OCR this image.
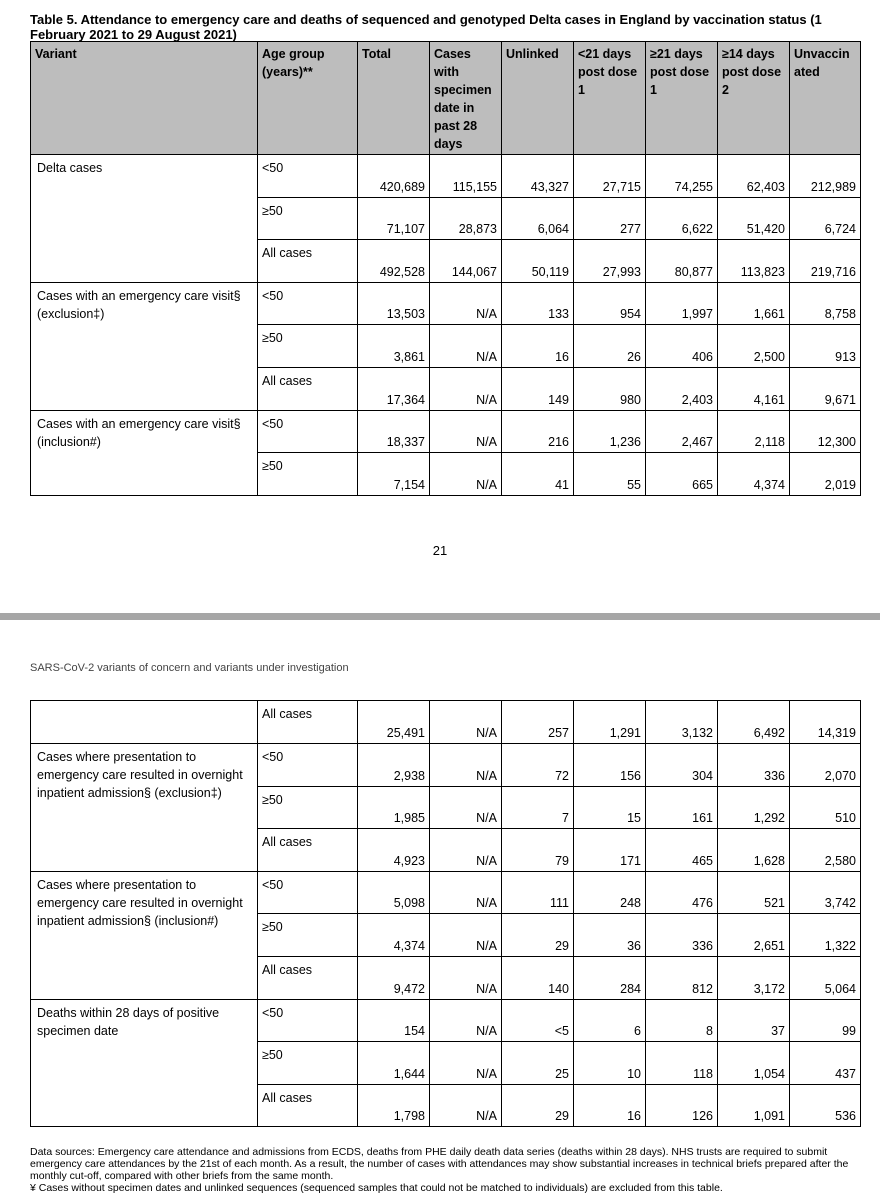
Table 5. Attendance to emergency care and deaths of sequenced and genotyped Delta cases in England by vaccination status (1 February 2021 to 29 August 2021)
Variant	Age group (years)**	Total	Cases with specimen date in past 28 days	Unlinked	<21 days post dose 1	≥21 days post dose 1	≥14 days post dose 2	Unvaccin ated
Delta cases	<50	420,689	115,155	43,327	27,715	74,255	62,403	212,989
	≥50	71,107	28,873	6,064	277	6,622	51,420	6,724
	All cases	492,528	144,067	50,119	27,993	80,877	113,823	219,716
Cases with an emergency care visit§ (exclusion‡)	<50	13,503	N/A	133	954	1,997	1,661	8,758
	≥50	3,861	N/A	16	26	406	2,500	913
	All cases	17,364	N/A	149	980	2,403	4,161	9,671
Cases with an emergency care visit§ (inclusion#)	<50	18,337	N/A	216	1,236	2,467	2,118	12,300
	≥50	7,154	N/A	41	55	665	4,374	2,019
21
SARS-CoV-2 variants of concern and variants under investigation
	All cases	25,491	N/A	257	1,291	3,132	6,492	14,319
Cases where presentation to emergency care resulted in overnight inpatient admission§ (exclusion‡)	<50	2,938	N/A	72	156	304	336	2,070
	≥50	1,985	N/A	7	15	161	1,292	510
	All cases	4,923	N/A	79	171	465	1,628	2,580
Cases where presentation to emergency care resulted in overnight inpatient admission§ (inclusion#)	<50	5,098	N/A	111	248	476	521	3,742
	≥50	4,374	N/A	29	36	336	2,651	1,322
	All cases	9,472	N/A	140	284	812	3,172	5,064
Deaths within 28 days of positive specimen date	<50	154	N/A	<5	6	8	37	99
	≥50	1,644	N/A	25	10	118	1,054	437
	All cases	1,798	N/A	29	16	126	1,091	536

Data sources: Emergency care attendance and admissions from ECDS, deaths from PHE daily death data series (deaths within 28 days). NHS trusts are required to submit emergency care attendances by the 21st of each month. As a result, the number of cases with attendances may show substantial increases in technical briefs prepared after the monthly cut-off, compared with other briefs from the same month.

¥ Cases without specimen dates and unlinked sequences (sequenced samples that could not be matched to individuals) are excluded from this table.
